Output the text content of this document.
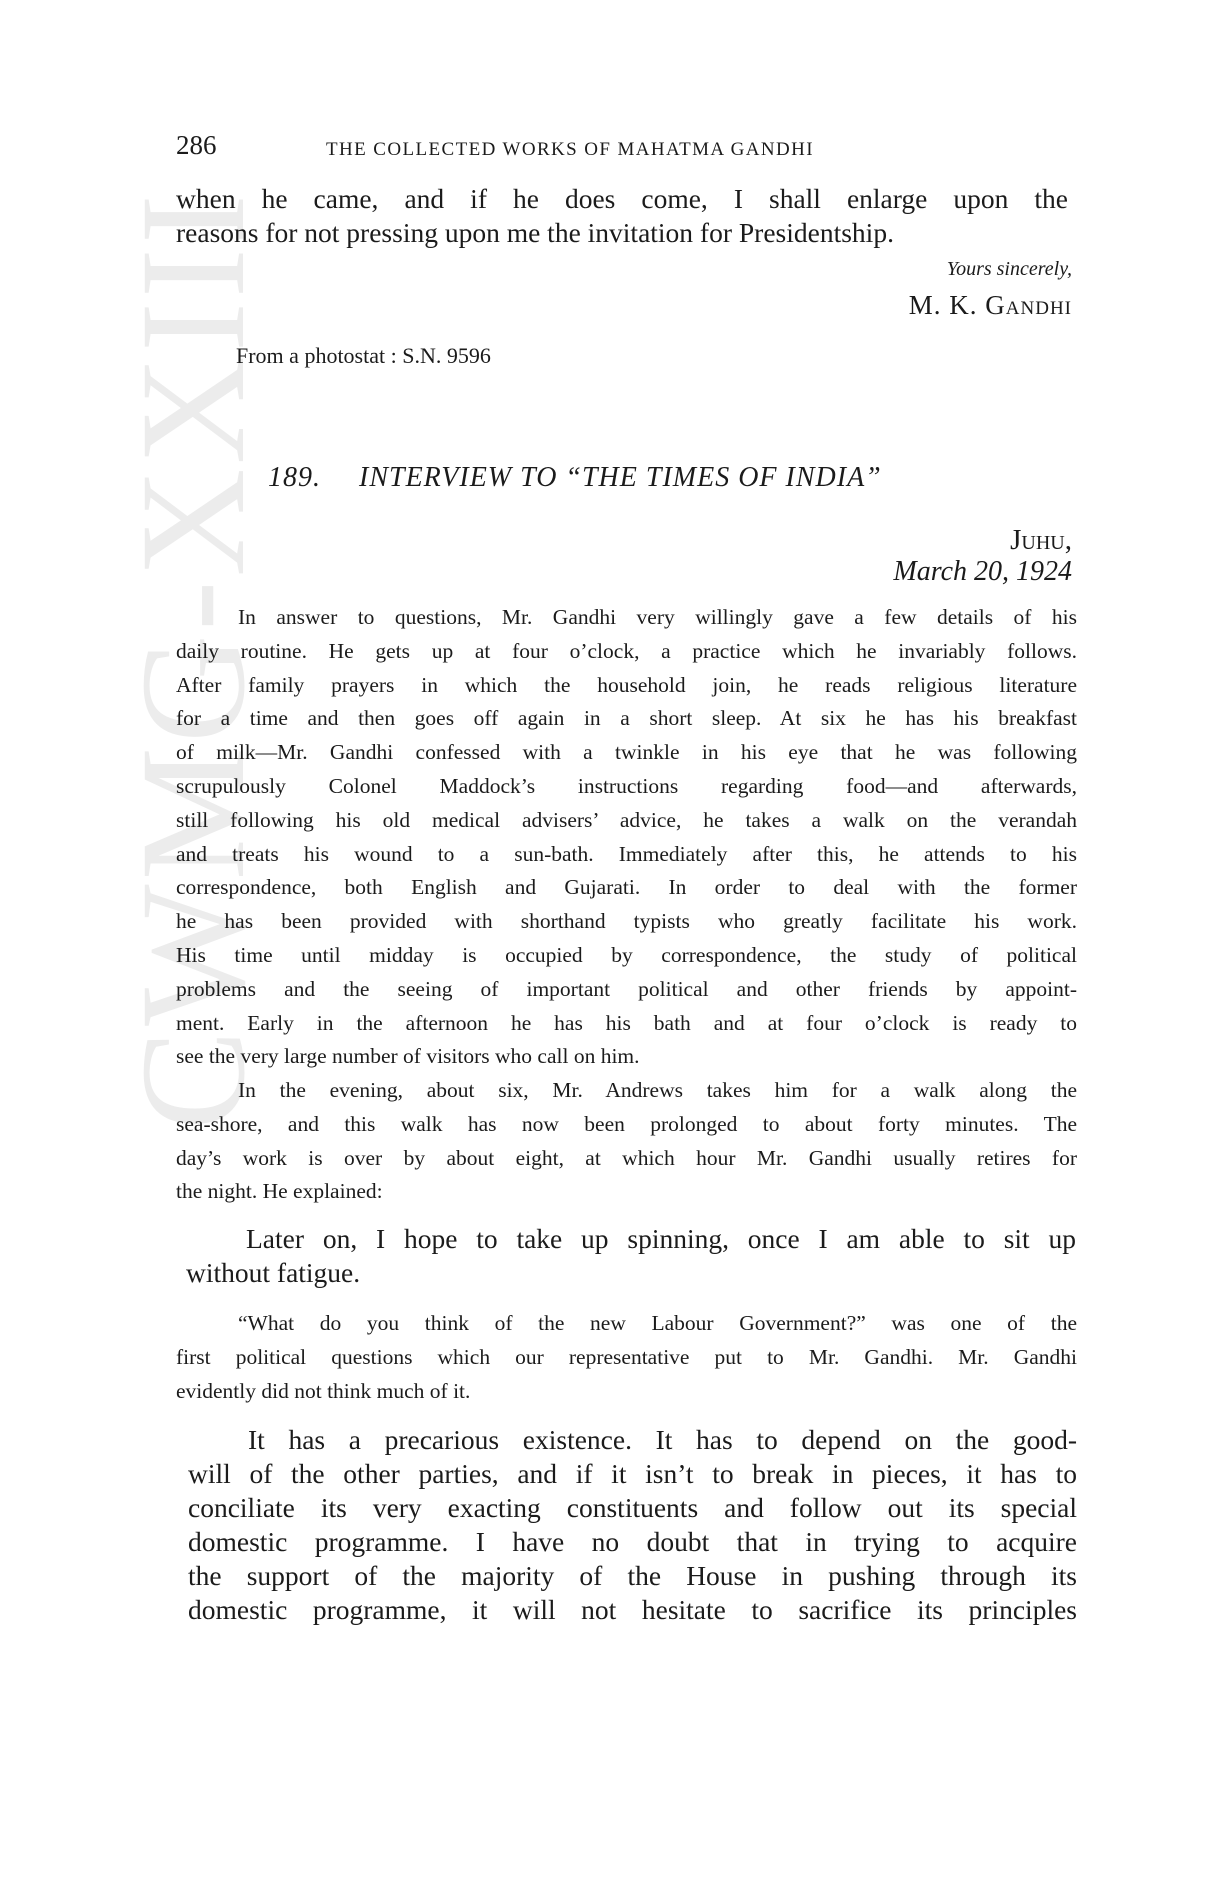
CWMG-XXIII
286	THE COLLECTED WORKS OF MAHATMA GANDHI

when he came, and if he does come, I shall enlarge upon the

reasons for not pressing upon me the invitation for Presidentship.

Yours sincerely,
M. K. Gandhi
From a photostat : S.N. 9596
189. INTERVIEW TO “THE TIMES OF INDIA”
Juhu,
March 20, 1924

In answer to questions, Mr. Gandhi very willingly gave a few details of his

daily routine. He gets up at four o’clock, a practice which he invariably follows.

After family prayers in which the household join, he reads religious literature

for a time and then goes off again in a short sleep. At six he has his breakfast

of milk—Mr. Gandhi confessed with a twinkle in his eye that he was following

scrupulously Colonel Maddock’s instructions regarding food—and afterwards,

still following his old medical advisers’ advice, he takes a walk on the verandah

and treats his wound to a sun-bath. Immediately after this, he attends to his

correspondence, both English and Gujarati. In order to deal with the former

he has been provided with shorthand typists who greatly facilitate his work.

His time until midday is occupied by correspondence, the study of political

problems and the seeing of important political and other friends by appoint-

ment. Early in the afternoon he has his bath and at four o’clock is ready to

see the very large number of visitors who call on him.

In the evening, about six, Mr. Andrews takes him for a walk along the

sea-shore, and this walk has now been prolonged to about forty minutes. The

day’s work is over by about eight, at which hour Mr. Gandhi usually retires for

the night. He explained:

Later on, I hope to take up spinning, once I am able to sit up

without fatigue.

“What do you think of the new Labour Government?” was one of the

first political questions which our representative put to Mr. Gandhi. Mr. Gandhi

evidently did not think much of it.

It has a precarious existence. It has to depend on the good-

will of the other parties, and if it isn’t to break in pieces, it has to

conciliate its very exacting constituents and follow out its special

domestic programme. I have no doubt that in trying to acquire

the support of the majority of the House in pushing through its

domestic programme, it will not hesitate to sacrifice its principles
